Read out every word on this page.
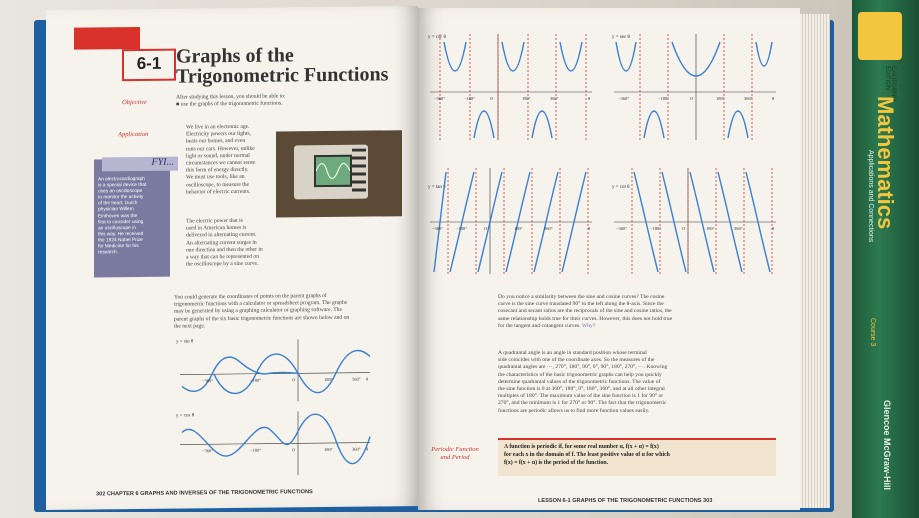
6-1 Graphs of the
Trigonometric Functions
Objective
After studying this lesson, you should be able to:
■ use the graphs of the trigonometric functions.
Application
We live in an electronic age.
Electricity powers our lights,
heats our homes, and even
runs our cars. However, unlike
light or sound, under normal
circumstances we cannot sense
this form of energy directly.
We must use tools, like an
oscilloscope, to measure the
behavior of electric currents.
The electric power that is
used in American homes is
delivered in alternating current.
An alternating current surges in
one direction and then the other in
a way that can be represented on
the oscilloscope by a sine curve.
FYI...
An electrocardiograph
is a special device that
uses an oscilloscope
to monitor the activity
of the heart. Dutch
physician Willem
Einthoven was the
first to consider using
an oscilloscope in
this way. He received
the 1924 Nobel Prize
for Medicine for his
research.
You could generate the coordinates of points on the parent graphs of
trigonometric functions with a calculator or spreadsheet program. The graphs
may be generated by using a graphing calculator or graphing software. The
parent graphs of the six basic trigonometric functions are shown below and on
the next page.
y = sin θ
−360°	−180°	O	180°	360° θ
y = cos θ
−360°	−180°	O	180°	360° θ
302 CHAPTER 6 GRAPHS AND INVERSES OF THE TRIGONOMETRIC FUNCTIONS
y = csc θ
−360°	−180°	O	180°	360°	θ
y = sec θ
−360°	−180°	O	180°	360°	θ
y = tan θ
−360°	−180°	O	180°	360°	θ
y = cot θ
−360°	−180°	O	180°	360°	θ
Do you notice a similarity between the sine and cosine curves? The cosine
curve is the sine curve translated 90° to the left along the θ-axis. Since the
cosecant and secant ratios are the reciprocals of the sine and cosine ratios, the
same relationship holds true for their curves. However, this does not hold true
for the tangent and cotangent curves. Why?
A quadrantal angle is an angle in standard position whose terminal
side coincides with one of the coordinate axes. So the measures of the
quadrantal angles are ···, 270°, 180°, 90°, 0°, 90°, 180°, 270°, ···. Knowing
the characteristics of the basic trigonometric graphs can help you quickly
determine quadrantal values of the trigonometric functions. The value of
the sine function is 0 at 360°, 180°, 0°, 180°, 360°, and at all other integral
multiples of 180°. The maximum value of the sine function is 1 for 90° or
270°, and the minimum is 1 for 270° or 90°. The fact that the trigonometric
functions are periodic allows us to find more function values easily.
LESSON 6-1 GRAPHS OF THE TRIGONOMETRIC FUNCTIONS 303
Periodic Function
and Period
A function is periodic if, for some real number α, f(x + α) = f(x)
for each x in the domain of f. The least positive value of α for which
f(x) = f(x + α) is the period of the function.
CALIFORNIA EDITION
Mathematics
Applications and Connections
Course 3
Glencoe McGraw-Hill
